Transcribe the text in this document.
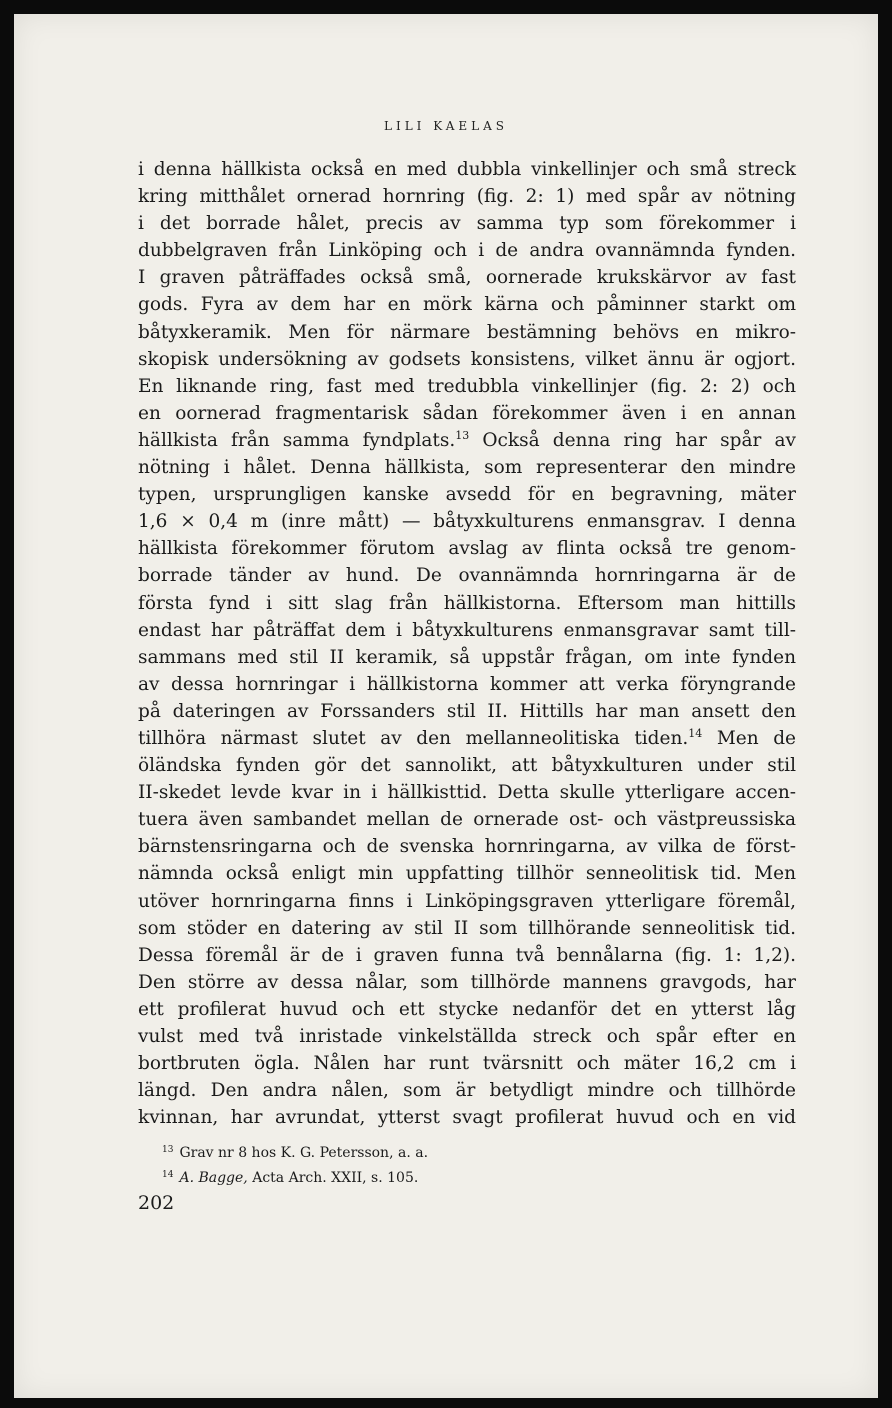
LILI KAELAS
i denna hällkista också en med dubbla vinkellinjer och små streck
kring mitthålet ornerad hornring (fig. 2: 1) med spår av nötning
i det borrade hålet, precis av samma typ som förekommer i
dubbelgraven från Linköping och i de andra ovannämnda fynden.
I graven påträffades också små, oornerade krukskärvor av fast
gods. Fyra av dem har en mörk kärna och påminner starkt om
båtyxkeramik. Men för närmare bestämning behövs en mikro-
skopisk undersökning av godsets konsistens, vilket ännu är ogjort.
En liknande ring, fast med tredubbla vinkellinjer (fig. 2: 2) och
en oornerad fragmentarisk sådan förekommer även i en annan
hällkista från samma fyndplats.$^{13}$ Också denna ring har spår av
nötning i hålet. Denna hällkista, som representerar den mindre
typen, ursprungligen kanske avsedd för en begravning, mäter
1,6 × 0,4 m (inre mått) — båtyxkulturens enmansgrav. I denna
hällkista förekommer förutom avslag av flinta också tre genom-
borrade tänder av hund. De ovannämnda hornringarna är de
första fynd i sitt slag från hällkistorna. Eftersom man hittills
endast har påträffat dem i båtyxkulturens enmansgravar samt till-
sammans med stil II keramik, så uppstår frågan, om inte fynden
av dessa hornringar i hällkistorna kommer att verka föryngrande
på dateringen av Forssanders stil II. Hittills har man ansett den
tillhöra närmast slutet av den mellanneolitiska tiden.$^{14}$ Men de
öländska fynden gör det sannolikt, att båtyxkulturen under stil
II-skedet levde kvar in i hällkisttid. Detta skulle ytterligare accen-
tuera även sambandet mellan de ornerade ost- och västpreussiska
bärnstensringarna och de svenska hornringarna, av vilka de först-
nämnda också enligt min uppfatting tillhör senneolitisk tid. Men
utöver hornringarna finns i Linköpingsgraven ytterligare föremål,
som stöder en datering av stil II som tillhörande senneolitisk tid.
Dessa föremål är de i graven funna två bennålarna (fig. 1: 1,2).
Den större av dessa nålar, som tillhörde mannens gravgods, har
ett profilerat huvud och ett stycke nedanför det en ytterst låg
vulst med två inristade vinkelställda streck och spår efter en
bortbruten ögla. Nålen har runt tvärsnitt och mäter 16,2 cm i
längd. Den andra nålen, som är betydligt mindre och tillhörde
kvinnan, har avrundat, ytterst svagt profilerat huvud och en vid
$^{13}$ Grav nr 8 hos K. G. Petersson, a. a.
$^{14}$ A. Bagge, Acta Arch. XXII, s. 105.
202
